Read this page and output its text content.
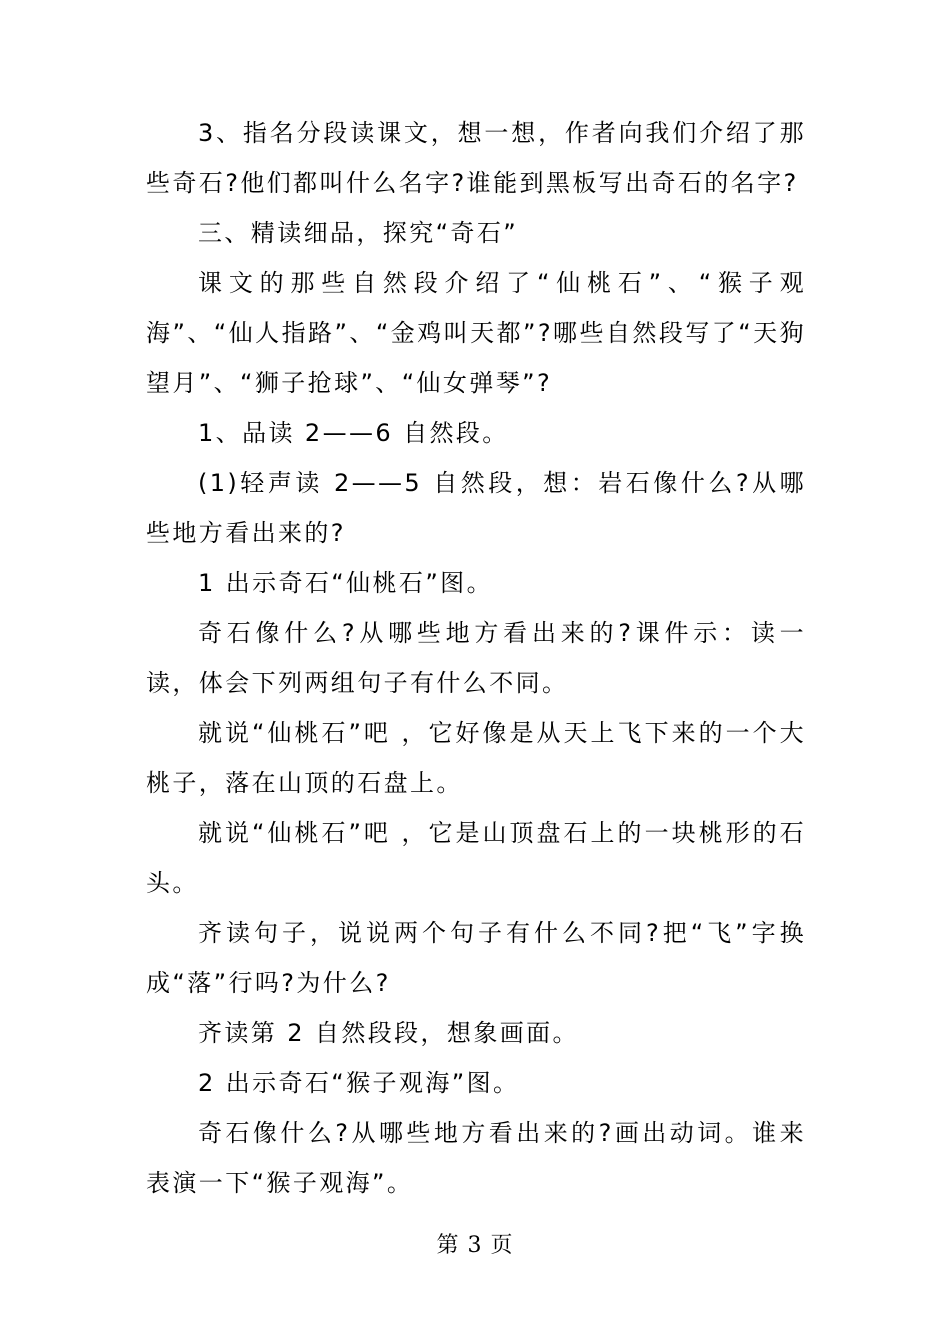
3、指名分段读课文，想一想，作者向我们介绍了那些奇石?他们都叫什么名字?谁能到黑板写出奇石的名字?

三、精读细品，探究“奇石”

课文的那些自然段介绍了“仙桃石”、“猴子观海”、“仙人指路”、“金鸡叫天都”?哪些自然段写了“天狗望月”、“狮子抢球”、“仙女弹琴”?

1、品读 2——6 自然段。

(1)轻声读 2——5 自然段，想：岩石像什么?从哪些地方看出来的?

1 出示奇石“仙桃石”图。

奇石像什么?从哪些地方看出来的?课件示：读一读，体会下列两组句子有什么不同。

就说“仙桃石”吧 ，它好像是从天上飞下来的一个大桃子，落在山顶的石盘上。

就说“仙桃石”吧 ，它是山顶盘石上的一块桃形的石头。

齐读句子，说说两个句子有什么不同?把“飞”字换成“落”行吗?为什么?

齐读第 2 自然段段，想象画面。

2 出示奇石“猴子观海”图。

奇石像什么?从哪些地方看出来的?画出动词。谁来表演一下“猴子观海”。

第 3 页
